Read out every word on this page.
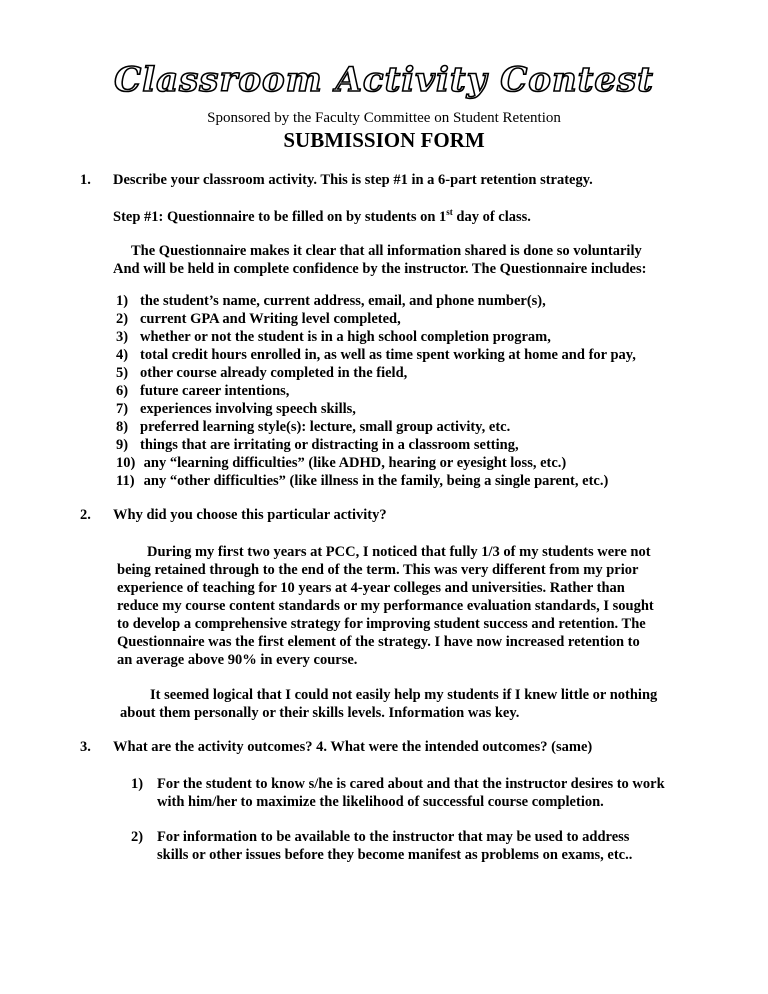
Classroom Activity Contest
Sponsored by the Faculty Committee on Student Retention
SUBMISSION FORM
1. Describe your classroom activity. This is step #1 in a 6-part retention strategy.
Step #1: Questionnaire to be filled on by students on 1st day of class.
The Questionnaire makes it clear that all information shared is done so voluntarily
And will be held in complete confidence by the instructor. The Questionnaire includes:
1) the student’s name, current address, email, and phone number(s),
2) current GPA and Writing level completed,
3) whether or not the student is in a high school completion program,
4) total credit hours enrolled in, as well as time spent working at home and for pay,
5) other course already completed in the field,
6) future career intentions,
7) experiences involving speech skills,
8) preferred learning style(s): lecture, small group activity, etc.
9) things that are irritating or distracting in a classroom setting,
10) any “learning difficulties” (like ADHD, hearing or eyesight loss, etc.)
11) any “other difficulties” (like illness in the family, being a single parent, etc.)
2. Why did you choose this particular activity?
During my first two years at PCC, I noticed that fully 1/3 of my students were not
being retained through to the end of the term. This was very different from my prior
experience of teaching for 10 years at 4-year colleges and universities. Rather than
reduce my course content standards or my performance evaluation standards, I sought
to develop a comprehensive strategy for improving student success and retention. The
Questionnaire was the first element of the strategy. I have now increased retention to
an average above 90% in every course.
It seemed logical that I could not easily help my students if I knew little or nothing
about them personally or their skills levels. Information was key.
3. What are the activity outcomes? 4. What were the intended outcomes? (same)
1) For the student to know s/he is cared about and that the instructor desires to work
with him/her to maximize the likelihood of successful course completion.
2) For information to be available to the instructor that may be used to address
skills or other issues before they become manifest as problems on exams, etc..
